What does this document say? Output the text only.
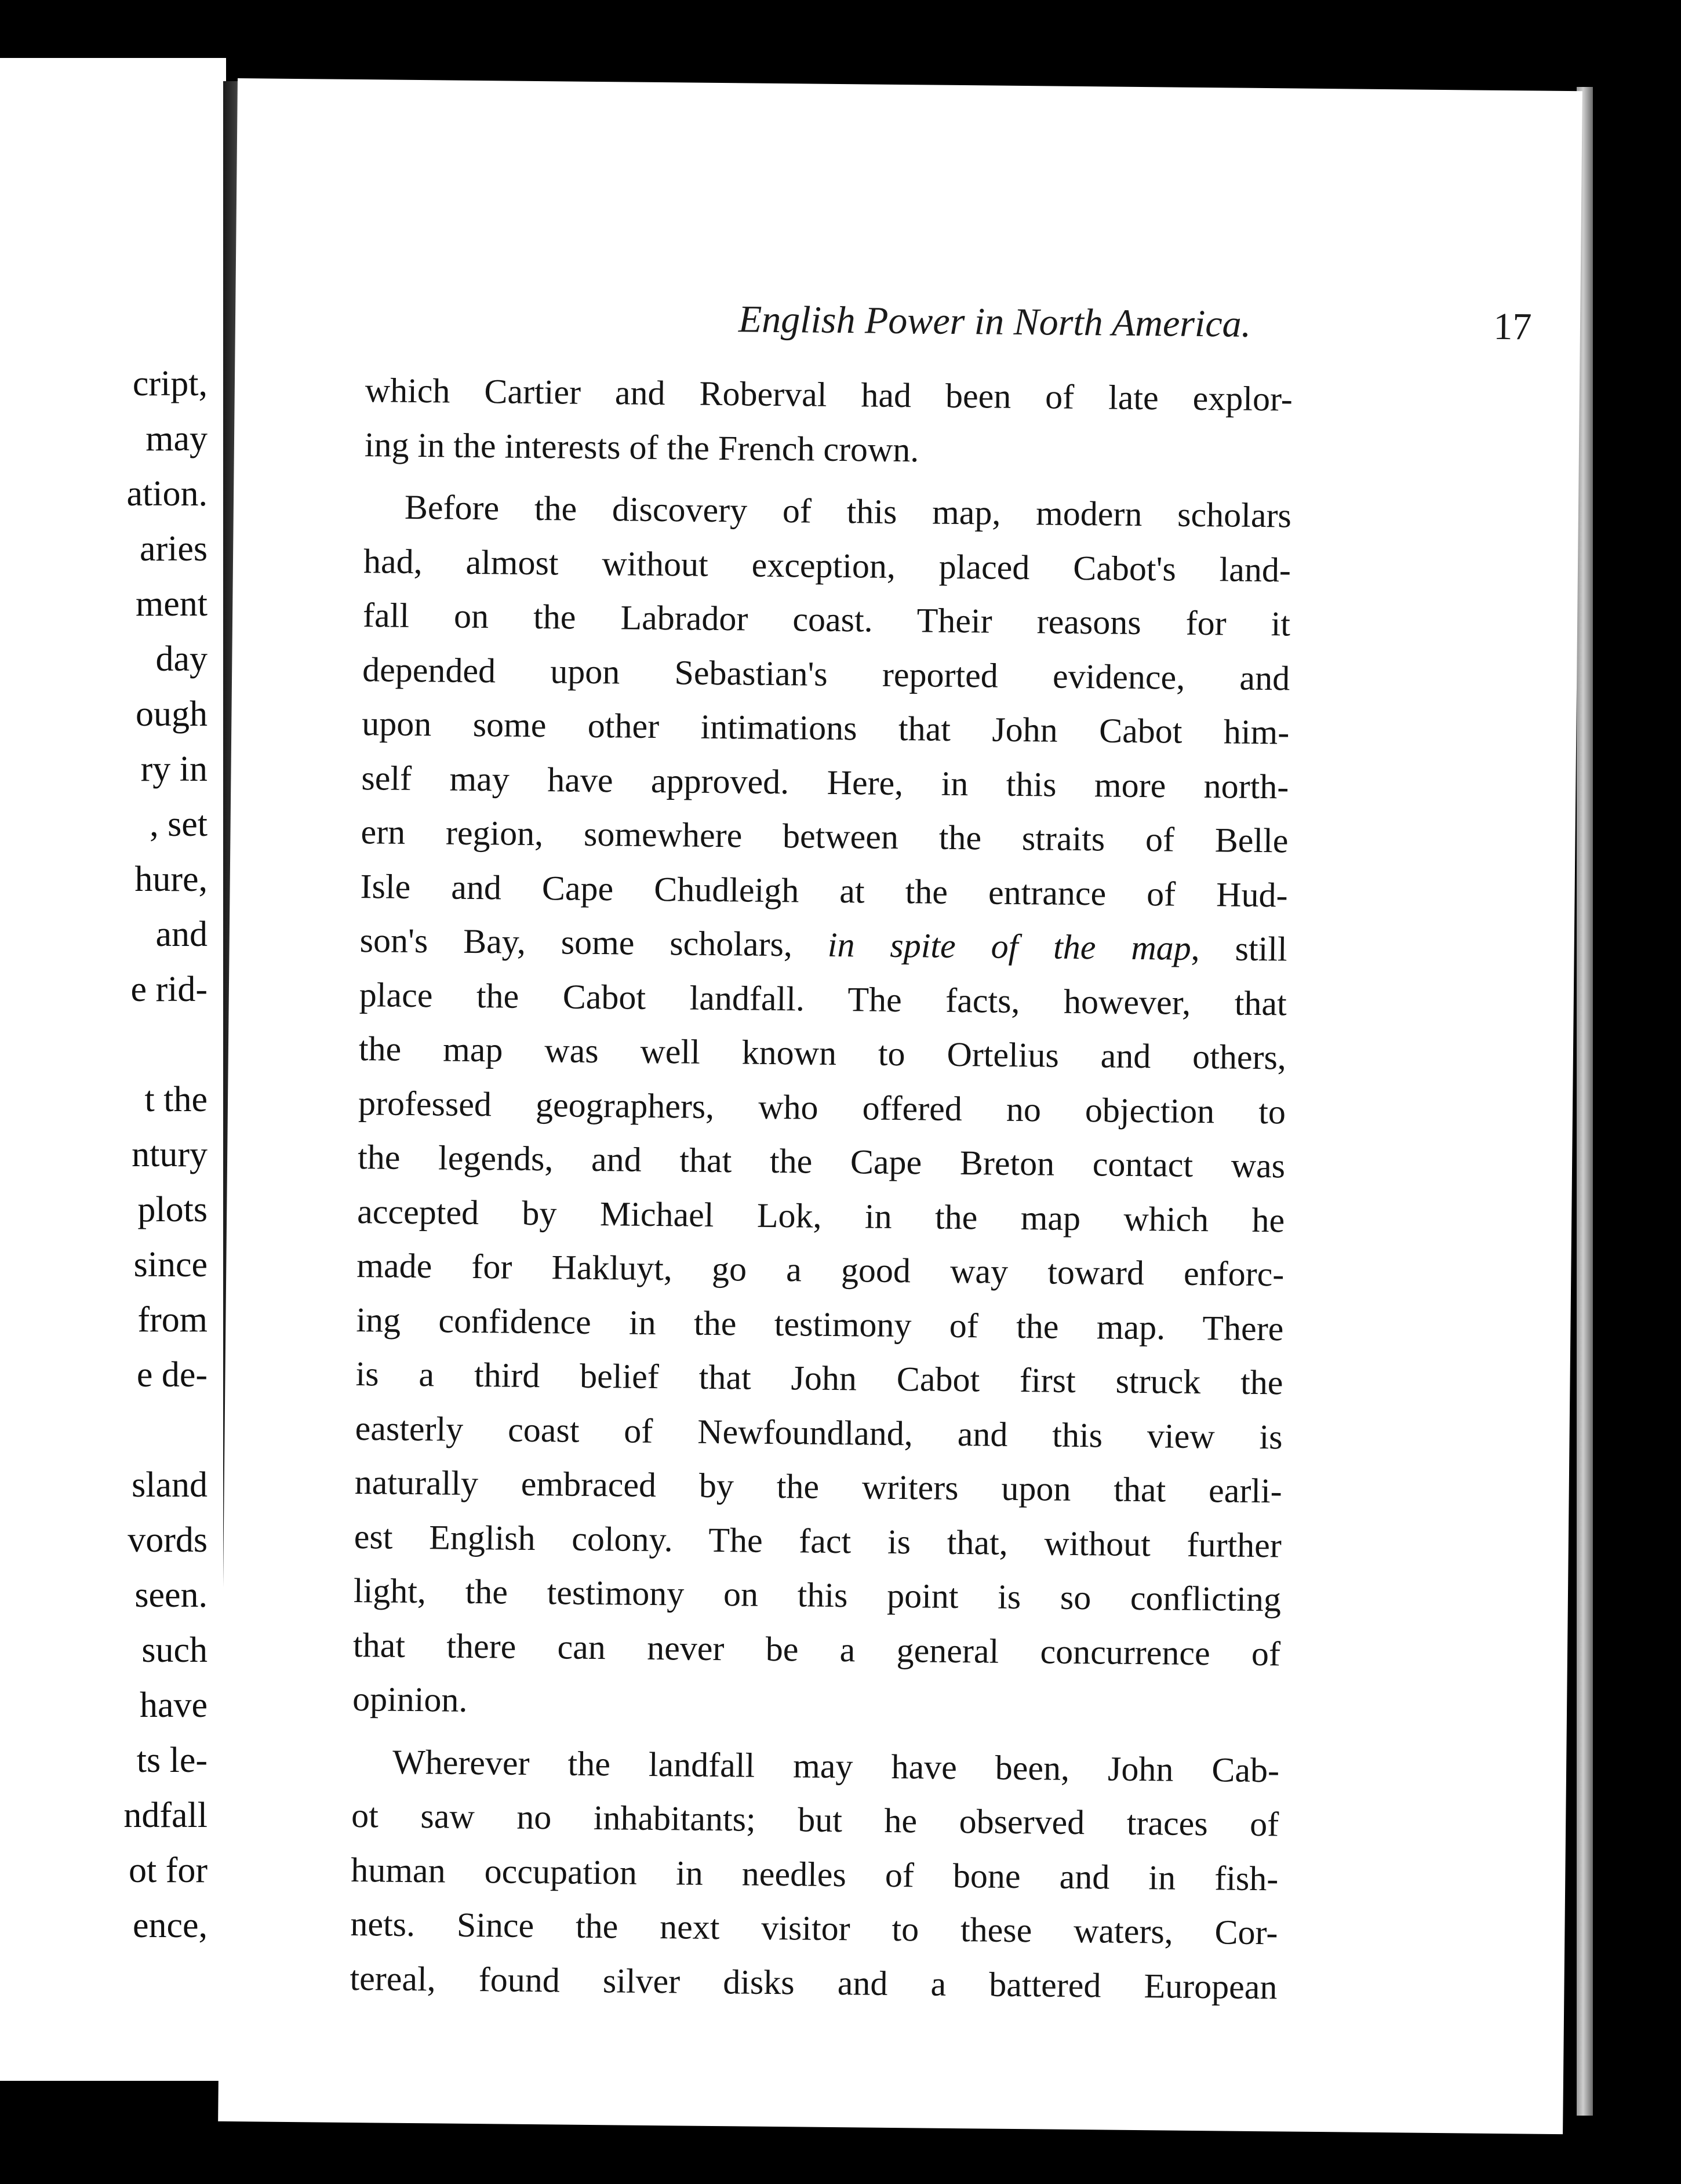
cript,
may
ation.
aries
ment
day
ough
ry in
, set
hure,
and
e rid-
t the
ntury
plots
since
from
e de-
sland
vords
seen.
such
have
ts le-
ndfall
ot for
ence,
English Power in North America.	17
which Cartier and Roberval had been of late explor-
ing in the interests of the French crown.
Before the discovery of this map, modern scholars
had, almost without exception, placed Cabot's land-
fall on the Labrador coast. Their reasons for it
depended upon Sebastian's reported evidence, and
upon some other intimations that John Cabot him-
self may have approved. Here, in this more north-
ern region, somewhere between the straits of Belle
Isle and Cape Chudleigh at the entrance of Hud-
son's Bay, some scholars, in spite of the map, still
place the Cabot landfall. The facts, however, that
the map was well known to Ortelius and others,
professed geographers, who offered no objection to
the legends, and that the Cape Breton contact was
accepted by Michael Lok, in the map which he
made for Hakluyt, go a good way toward enforc-
ing confidence in the testimony of the map. There
is a third belief that John Cabot first struck the
easterly coast of Newfoundland, and this view is
naturally embraced by the writers upon that earli-
est English colony. The fact is that, without further
light, the testimony on this point is so conflicting
that there can never be a general concurrence of
opinion.
Wherever the landfall may have been, John Cab-
ot saw no inhabitants; but he observed traces of
human occupation in needles of bone and in fish-
nets. Since the next visitor to these waters, Cor-
tereal, found silver disks and a battered European
